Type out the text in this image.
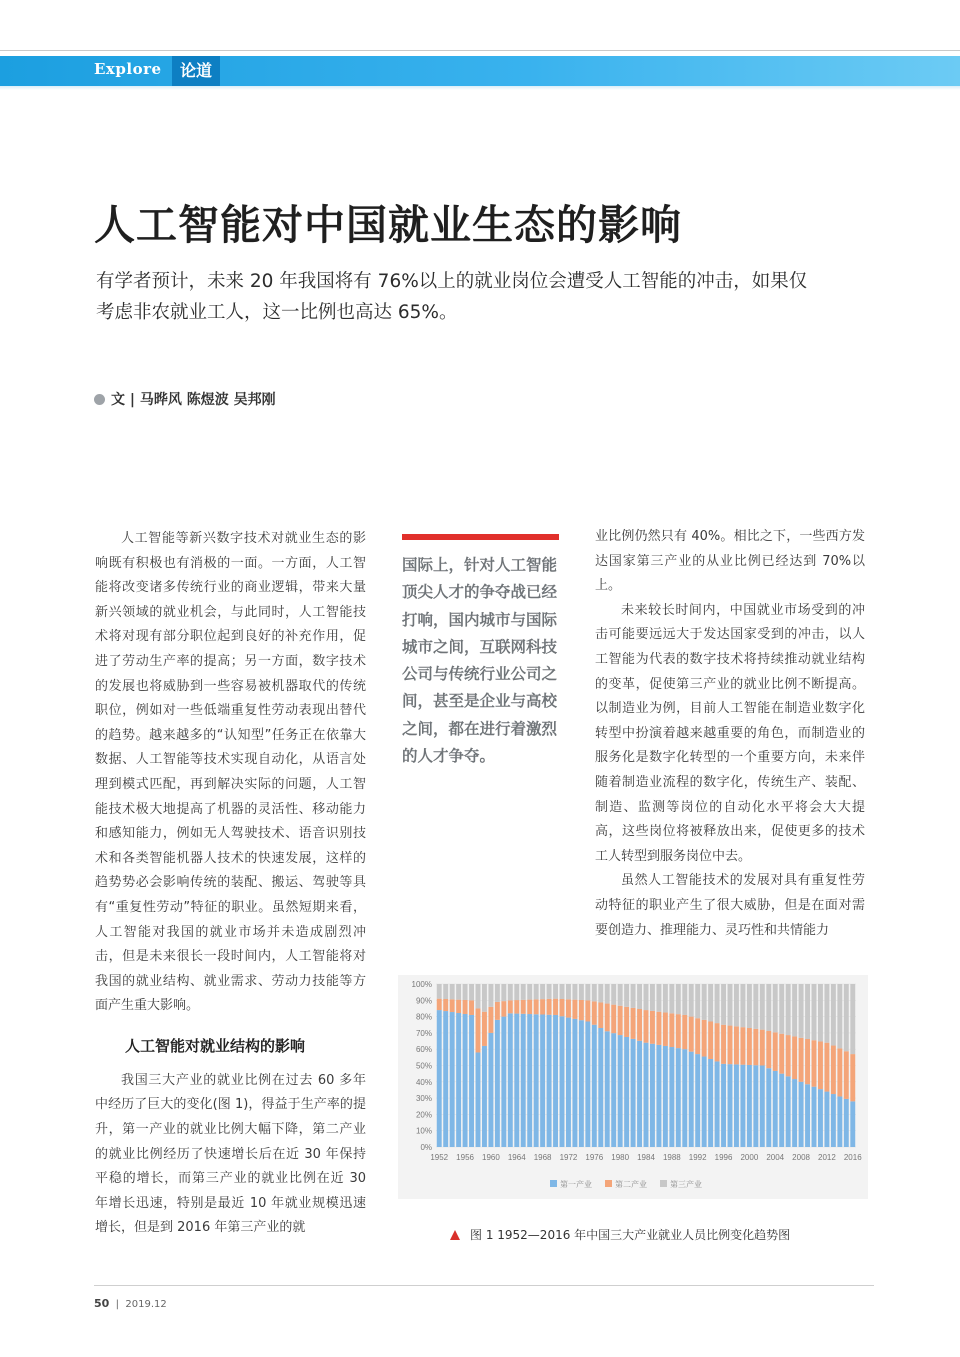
Explore	论道
人工智能对中国就业生态的影响

有学者预计，未来 20 年我国将有 76%以上的就业岗位会遭受人工智能的冲击，如果仅考虑非农就业工人，这一比例也高达 65%。

文 | 马晔风 陈煜波 吴邦刚

人工智能等新兴数字技术对就业生态的影响既有积极也有消极的一面。一方面，人工智能将改变诸多传统行业的商业逻辑，带来大量新兴领域的就业机会，与此同时，人工智能技术将对现有部分职位起到良好的补充作用，促进了劳动生产率的提高；另一方面，数字技术的发展也将威胁到一些容易被机器取代的传统职位，例如对一些低端重复性劳动表现出替代的趋势。越来越多的“认知型”任务正在依靠大数据、人工智能等技术实现自动化，从语言处理到模式匹配，再到解决实际的问题，人工智能技术极大地提高了机器的灵活性、移动能力和感知能力，例如无人驾驶技术、语音识别技术和各类智能机器人技术的快速发展，这样的趋势势必会影响传统的装配、搬运、驾驶等具有“重复性劳动”特征的职业。虽然短期来看，人工智能对我国的就业市场并未造成剧烈冲击，但是未来很长一段时间内，人工智能将对我国的就业结构、就业需求、劳动力技能等方面产生重大影响。

人工智能对就业结构的影响

我国三大产业的就业比例在过去 60 多年中经历了巨大的变化(图 1)，得益于生产率的提升，第一产业的就业比例大幅下降，第二产业的就业比例经历了快速增长后在近 30 年保持平稳的增长，而第三产业的就业比例在近 30 年增长迅速，特别是最近 10 年就业规模迅速增长，但是到 2016 年第三产业的就

国际上，针对人工智能顶尖人才的争夺战已经打响，国内城市与国际城市之间，互联网科技公司与传统行业公司之间，甚至是企业与高校之间，都在进行着激烈的人才争夺。

业比例仍然只有 40%。相比之下，一些西方发达国家第三产业的从业比例已经达到 70%以上。

未来较长时间内，中国就业市场受到的冲击可能要远远大于发达国家受到的冲击，以人工智能为代表的数字技术将持续推动就业结构的变革，促使第三产业的就业比例不断提高。以制造业为例，目前人工智能在制造业数字化转型中扮演着越来越重要的角色，而制造业的服务化是数字化转型的一个重要方向，未来伴随着制造业流程的数字化，传统生产、装配、制造、监测等岗位的自动化水平将会大大提高，这些岗位将被释放出来，促使更多的技术工人转型到服务岗位中去。

虽然人工智能技术的发展对具有重复性劳动特征的职业产生了很大威胁，但是在面对需要创造力、推理能力、灵巧性和共情能力

0%
10%
20%
30%
40%
50%
60%
70%
80%
90%
100%
1952 1956 1960 1964 1968 1972 1976 1980 1984 1988 1992 1996 2000 2004 2008 2012 2016
第一产业	第二产业	第三产业
图 1 1952—2016 年中国三大产业就业人员比例变化趋势图
50  |  2019.12
